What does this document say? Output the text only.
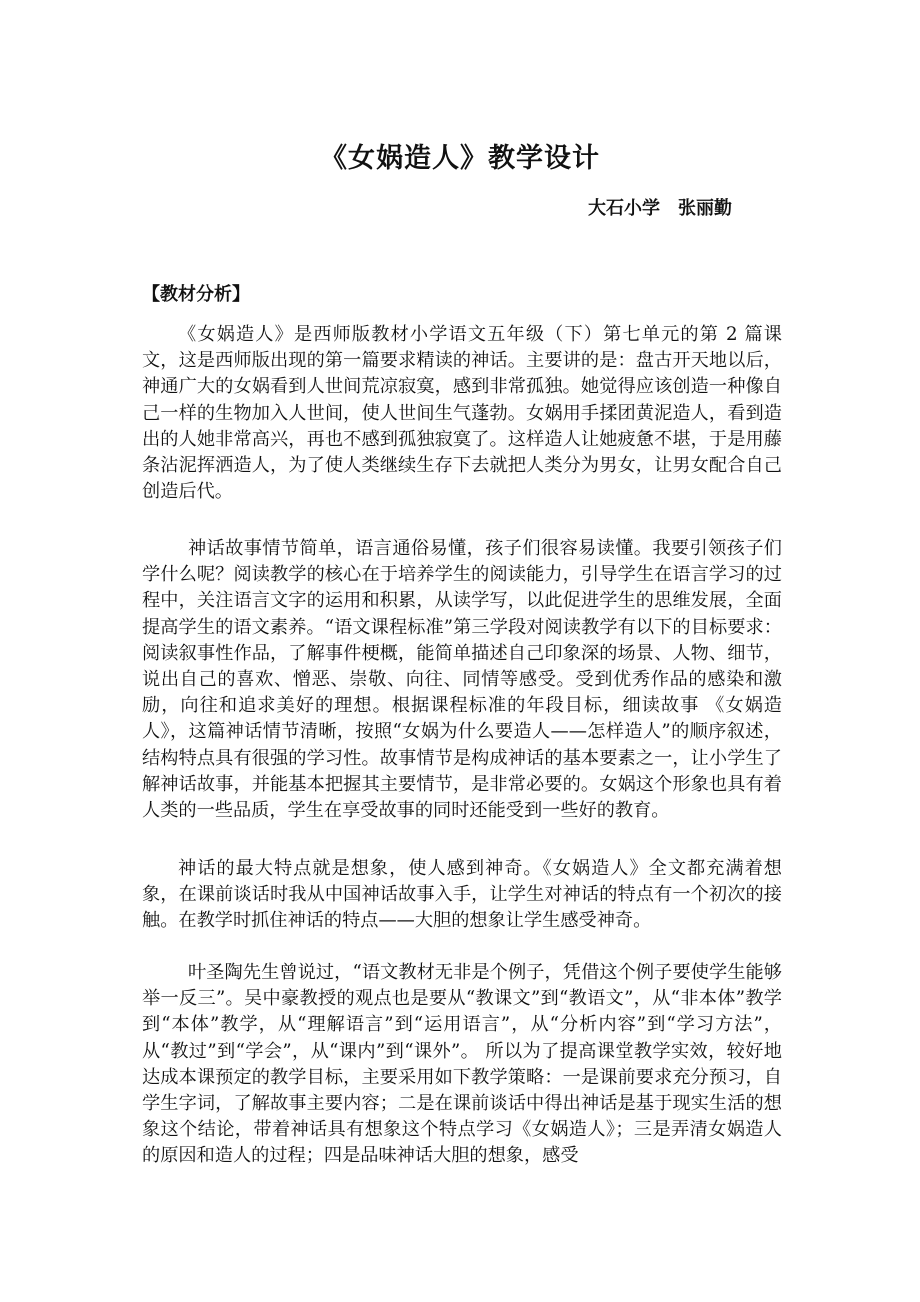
《女娲造人》教学设计
大石小学　张丽勤
【教材分析】

《女娲造人》是西师版教材小学语文五年级（下）第七单元的第 2 篇课文，这是西师版出现的第一篇要求精读的神话。主要讲的是：盘古开天地以后，神通广大的女娲看到人世间荒凉寂寞，感到非常孤独。她觉得应该创造一种像自己一样的生物加入人世间，使人世间生气蓬勃。女娲用手揉团黄泥造人，看到造出的人她非常高兴，再也不感到孤独寂寞了。这样造人让她疲惫不堪，于是用藤条沾泥挥洒造人，为了使人类继续生存下去就把人类分为男女，让男女配合自己创造后代。

神话故事情节简单，语言通俗易懂，孩子们很容易读懂。我要引领孩子们学什么呢？阅读教学的核心在于培养学生的阅读能力，引导学生在语言学习的过程中，关注语言文字的运用和积累，从读学写，以此促进学生的思维发展，全面提高学生的语文素养。“语文课程标准”第三学段对阅读教学有以下的目标要求：阅读叙事性作品，了解事件梗概，能简单描述自己印象深的场景、人物、细节，说出自己的喜欢、憎恶、崇敬、向往、同情等感受。受到优秀作品的感染和激励，向往和追求美好的理想。根据课程标准的年段目标，细读故事 《女娲造人》，这篇神话情节清晰，按照“女娲为什么要造人——怎样造人”的顺序叙述，结构特点具有很强的学习性。故事情节是构成神话的基本要素之一，让小学生了解神话故事，并能基本把握其主要情节，是非常必要的。女娲这个形象也具有着人类的一些品质，学生在享受故事的同时还能受到一些好的教育。

神话的最大特点就是想象，使人感到神奇。《女娲造人》全文都充满着想象，在课前谈话时我从中国神话故事入手，让学生对神话的特点有一个初次的接触。在教学时抓住神话的特点——大胆的想象让学生感受神奇。

叶圣陶先生曾说过，“语文教材无非是个例子，凭借这个例子要使学生能够举一反三”。吴中豪教授的观点也是要从“教课文”到“教语文”，从“非本体”教学到“本体”教学，从“理解语言”到“运用语言”，从“分析内容”到“学习方法”，从“教过”到“学会”，从“课内”到“课外”。 所以为了提高课堂教学实效，较好地达成本课预定的教学目标，主要采用如下教学策略：一是课前要求充分预习，自学生字词，了解故事主要内容；二是在课前谈话中得出神话是基于现实生活的想象这个结论，带着神话具有想象这个特点学习《女娲造人》；三是弄清女娲造人的原因和造人的过程；四是品味神话大胆的想象，感受
